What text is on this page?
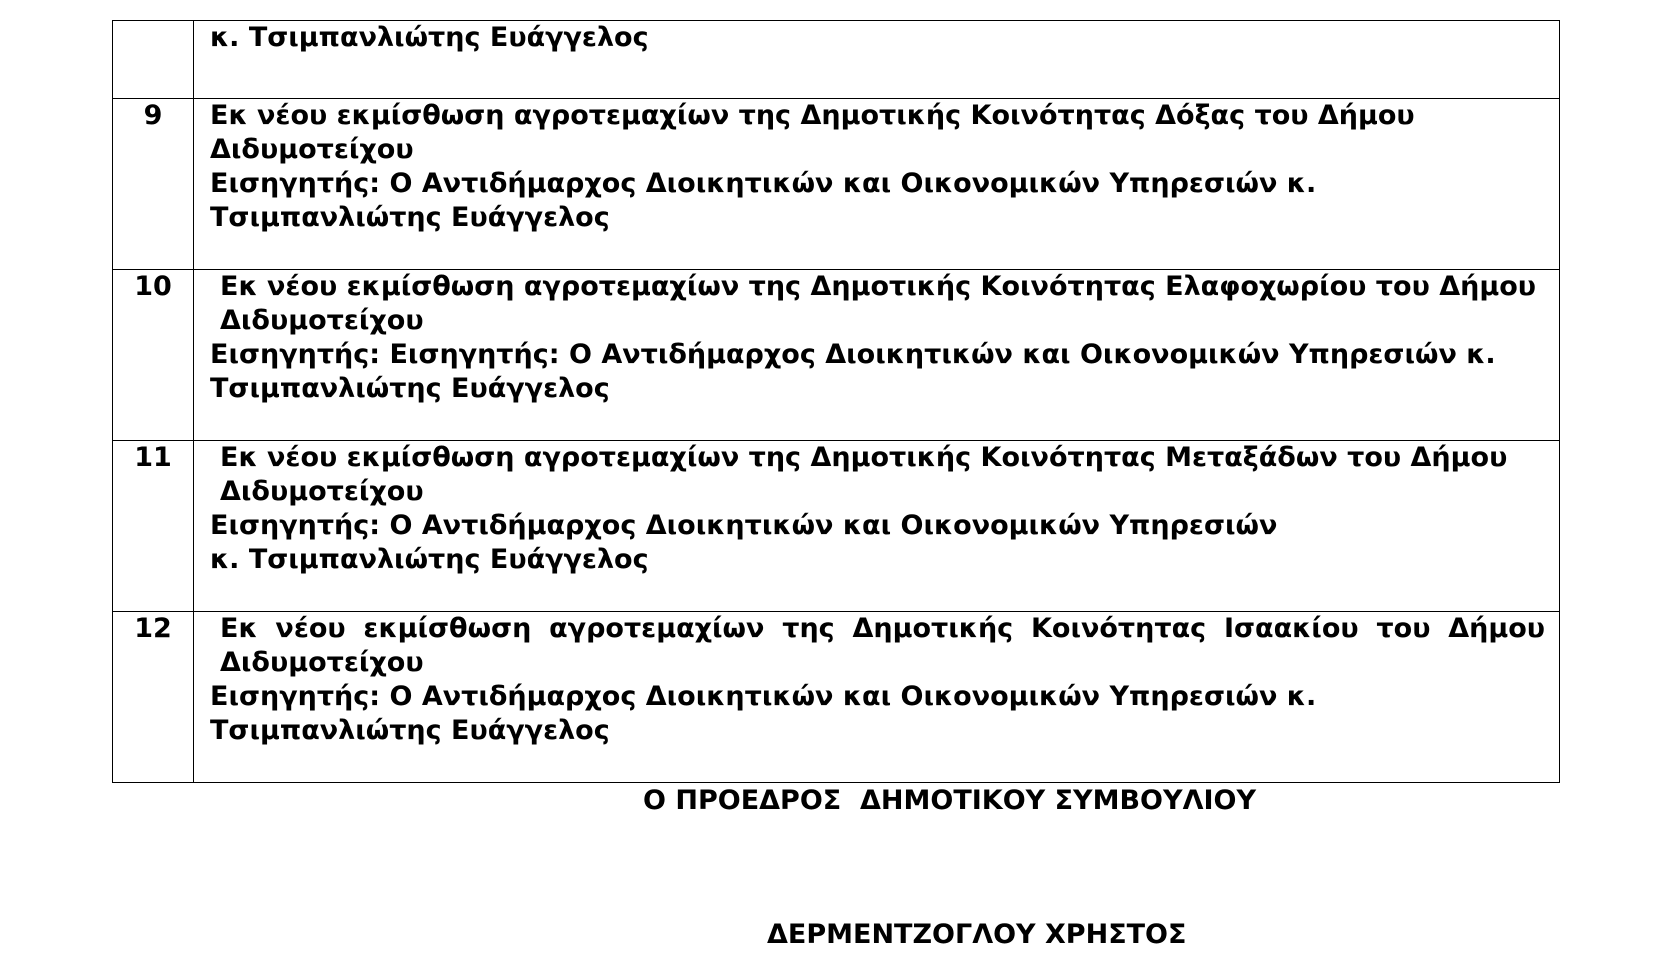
	κ. Τσιμπανλιώτης Ευάγγελος

9	Εκ νέου εκμίσθωση αγροτεμαχίων της Δημοτικής Κοινότητας Δόξας του Δήμου Διδυμοτείχου
Εισηγητής: Ο Αντιδήμαρχος Διοικητικών και Οικονομικών Υπηρεσιών κ. Τσιμπανλιώτης Ευάγγελος

10	Εκ νέου εκμίσθωση αγροτεμαχίων της Δημοτικής Κοινότητας Ελαφοχωρίου του Δήμου Διδυμοτείχου
Εισηγητής: Εισηγητής: Ο Αντιδήμαρχος Διοικητικών και Οικονομικών Υπηρεσιών κ. Τσιμπανλιώτης Ευάγγελος

11	Εκ νέου εκμίσθωση αγροτεμαχίων της Δημοτικής Κοινότητας Μεταξάδων του Δήμου Διδυμοτείχου
Εισηγητής: Ο Αντιδήμαρχος Διοικητικών και Οικονομικών Υπηρεσιών
κ. Τσιμπανλιώτης Ευάγγελος

12	Εκ νέου εκμίσθωση αγροτεμαχίων της Δημοτικής Κοινότητας Ισαακίου του Δήμου Διδυμοτείχου
Εισηγητής: Ο Αντιδήμαρχος Διοικητικών και Οικονομικών Υπηρεσιών κ. Τσιμπανλιώτης Ευάγγελος
Ο ΠΡΟΕΔΡΟΣ  ΔΗΜΟΤΙΚΟΥ ΣΥΜΒΟΥΛΙΟΥ
ΔΕΡΜΕΝΤΖΟΓΛΟΥ ΧΡΗΣΤΟΣ
